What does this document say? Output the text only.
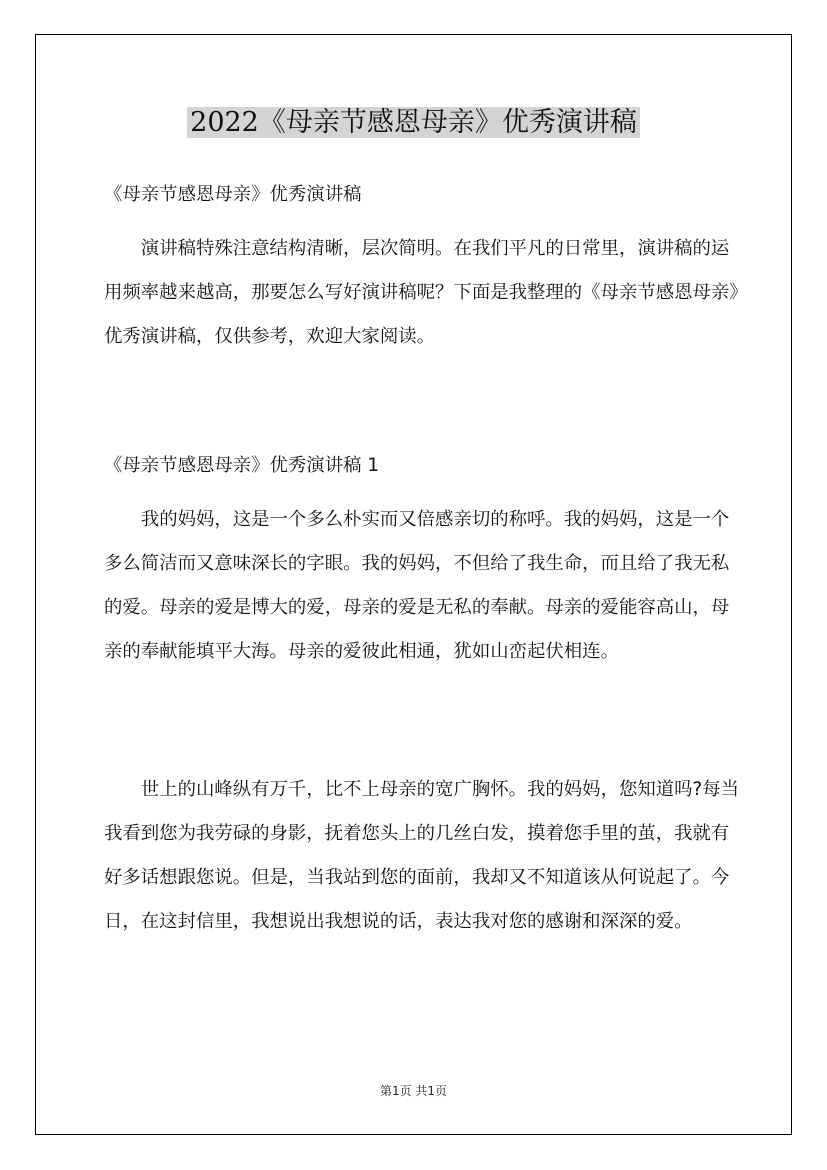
2022《母亲节感恩母亲》优秀演讲稿
《母亲节感恩母亲》优秀演讲稿
演讲稿特殊注意结构清晰，层次简明。在我们平凡的日常里，演讲稿的运用频率越来越高，那要怎么写好演讲稿呢？下面是我整理的《母亲节感恩母亲》优秀演讲稿，仅供参考，欢迎大家阅读。
《母亲节感恩母亲》优秀演讲稿 1
我的妈妈，这是一个多么朴实而又倍感亲切的称呼。我的妈妈，这是一个多么简洁而又意味深长的字眼。我的妈妈，不但给了我生命，而且给了我无私的爱。母亲的爱是博大的爱，母亲的爱是无私的奉献。母亲的爱能容高山，母亲的奉献能填平大海。母亲的爱彼此相通，犹如山峦起伏相连。
世上的山峰纵有万千，比不上母亲的宽广胸怀。我的妈妈，您知道吗?每当我看到您为我劳碌的身影，抚着您头上的几丝白发，摸着您手里的茧，我就有好多话想跟您说。但是，当我站到您的面前，我却又不知道该从何说起了。今日，在这封信里，我想说出我想说的话，表达我对您的感谢和深深的爱。
第1页 共1页
